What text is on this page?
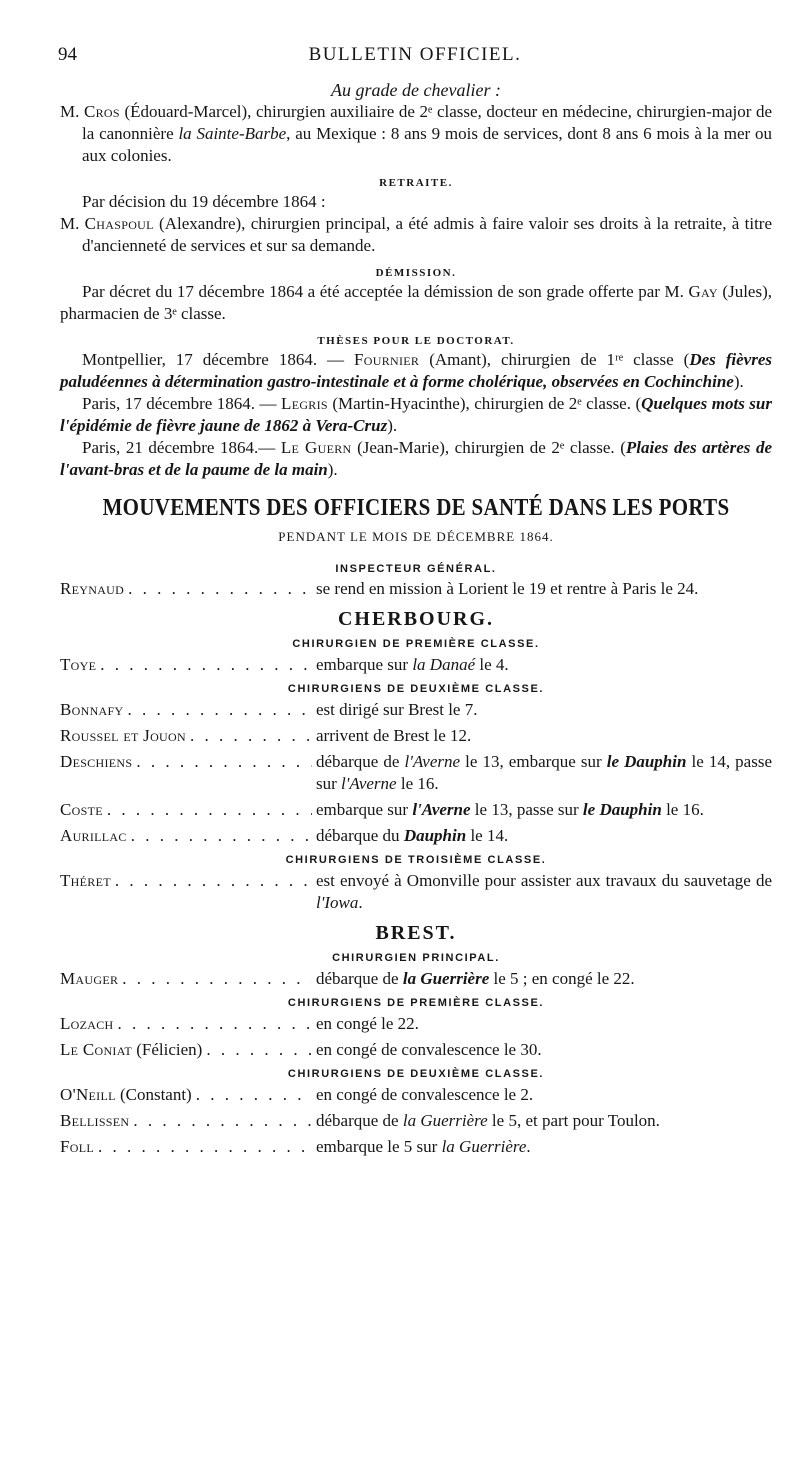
94	BULLETIN OFFICIEL.
Au grade de chevalier :

M. Cros (Édouard-Marcel), chirurgien auxiliaire de 2ᵉ classe, docteur en médecine, chirurgien-major de la canonnière la Sainte-Barbe, au Mexique : 8 ans 9 mois de services, dont 8 ans 6 mois à la mer ou aux colonies.

RETRAITE.

Par décision du 19 décembre 1864 :

M. Chaspoul (Alexandre), chirurgien principal, a été admis à faire valoir ses droits à la retraite, à titre d'ancienneté de services et sur sa demande.

DÉMISSION.

Par décret du 17 décembre 1864 a été acceptée la démission de son grade offerte par M. Gay (Jules), pharmacien de 3ᵉ classe.

THÈSES POUR LE DOCTORAT.

Montpellier, 17 décembre 1864. — Fournier (Amant), chirurgien de 1ʳᵉ classe (Des fièvres paludéennes à détermination gastro-intestinale et à forme cholérique, observées en Cochinchine).

Paris, 17 décembre 1864. — Legris (Martin-Hyacinthe), chirurgien de 2ᵉ classe. (Quelques mots sur l'épidémie de fièvre jaune de 1862 à Vera-Cruz).

Paris, 21 décembre 1864.— Le Guern (Jean-Marie), chirurgien de 2ᵉ classe. (Plaies des artères de l'avant-bras et de la paume de la main).

MOUVEMENTS DES OFFICIERS DE SANTÉ DANS LES PORTS
PENDANT LE MOIS DE DÉCEMBRE 1864.
INSPECTEUR GÉNÉRAL.
Reynaud . . .	se rend en mission à Lorient le 19 et rentre à Paris le 24.
CHERBOURG.
CHIRURGIEN DE PREMIÈRE CLASSE.
Toye . . .	embarque sur la Danaé le 4.
CHIRURGIENS DE DEUXIÈME CLASSE.
Bonnafy . . .	est dirigé sur Brest le 7.
Roussel et Jouon . . .	arrivent de Brest le 12.
Deschiens . . .	débarque de l'Averne le 13, embarque sur le Dauphin le 14, passe sur l'Averne le 16.
Coste . . .	embarque sur l'Averne le 13, passe sur le Dauphin le 16.
Aurillac . . .	débarque du Dauphin le 14.
CHIRURGIENS DE TROISIÈME CLASSE.
Théret . . .	est envoyé à Omonville pour assister aux travaux du sauvetage de l'Iowa.
BREST.
CHIRURGIEN PRINCIPAL.
Mauger . . .	débarque de la Guerrière le 5 ; en congé le 22.
CHIRURGIENS DE PREMIÈRE CLASSE.
Lozach . . .	en congé le 22.
Le Coniat (Félicien) . . .	en congé de convalescence le 30.
CHIRURGIENS DE DEUXIÈME CLASSE.
O'Neill (Constant) . . .	en congé de convalescence le 2.
Bellissen . . .	débarque de la Guerrière le 5, et part pour Toulon.
Foll . . .	embarque le 5 sur la Guerrière.
